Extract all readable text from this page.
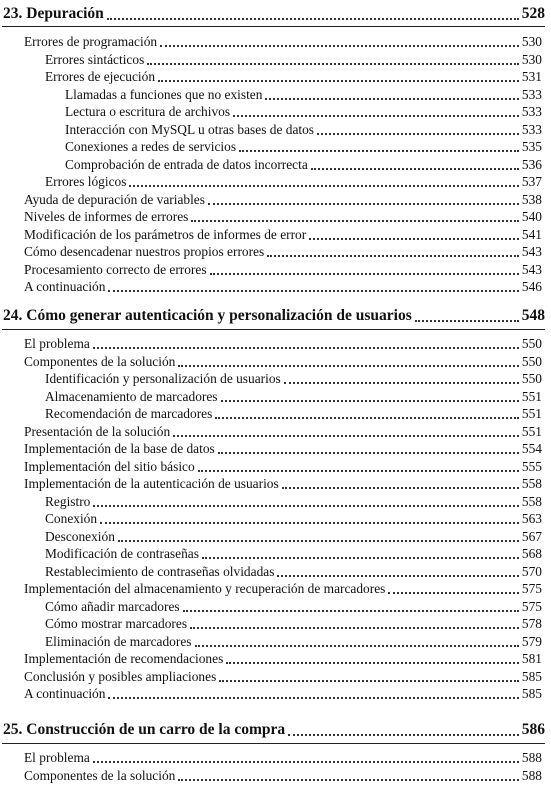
23. Depuración	528
Errores de programación	530
Errores sintácticos	530
Errores de ejecución	531
Llamadas a funciones que no existen	533
Lectura o escritura de archivos	533
Interacción con MySQL u otras bases de datos	533
Conexiones a redes de servicios	535
Comprobación de entrada de datos incorrecta	536
Errores lógicos	537
Ayuda de depuración de variables	538
Niveles de informes de errores	540
Modificación de los parámetros de informes de error	541
Cómo desencadenar nuestros propios errores	543
Procesamiento correcto de errores	543
A continuación	546
24. Cómo generar autenticación y personalización de usuarios	548
El problema	550
Componentes de la solución	550
Identificación y personalización de usuarios	550
Almacenamiento de marcadores	551
Recomendación de marcadores	551
Presentación de la solución	551
Implementación de la base de datos	554
Implementación del sitio básico	555
Implementación de la autenticación de usuarios	558
Registro	558
Conexión	563
Desconexión	567
Modificación de contraseñas	568
Restablecimiento de contraseñas olvidadas	570
Implementación del almacenamiento y recuperación de marcadores	575
Cómo añadir marcadores	575
Cómo mostrar marcadores	578
Eliminación de marcadores	579
Implementación de recomendaciones	581
Conclusión y posibles ampliaciones	585
A continuación	585
25. Construcción de un carro de la compra	586
El problema	588
Componentes de la solución	588
